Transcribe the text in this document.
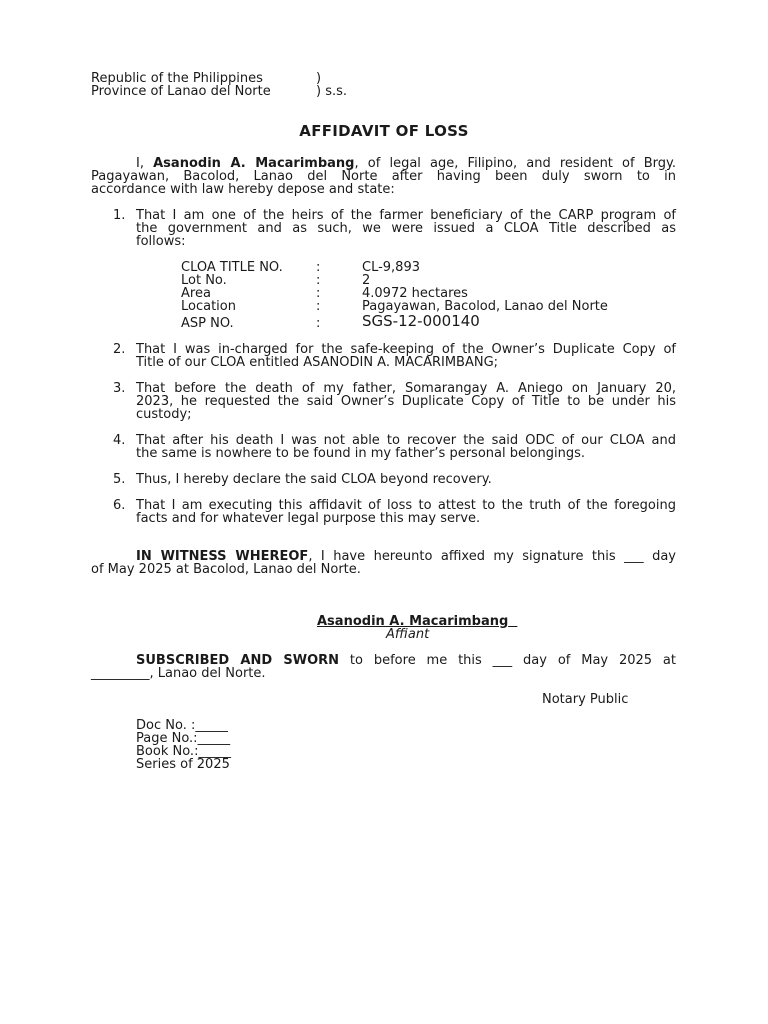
Republic of the Philippines	)
Province of Lanao del Norte	) s.s.
AFFIDAVIT OF LOSS
I, Asanodin A. Macarimbang, of legal age, Filipino, and resident of Brgy.
Pagayawan, Bacolod, Lanao del Norte after having been duly sworn to in
accordance with law hereby depose and state:
1. That I am one of the heirs of the farmer beneficiary of the CARP program of
the government and as such, we were issued a CLOA Title described as
follows:
CLOA TITLE NO.	:	CL-9,893
Lot No.	:	2
Area	:	4.0972 hectares
Location	:	Pagayawan, Bacolod, Lanao del Norte
ASP NO.	:	SGS-12-000140
2. That I was in-charged for the safe-keeping of the Owner’s Duplicate Copy of
Title of our CLOA entitled ASANODIN A. MACARIMBANG;
3. That before the death of my father, Somarangay A. Aniego on January 20,
2023, he requested the said Owner’s Duplicate Copy of Title to be under his
custody;
4. That after his death I was not able to recover the said ODC of our CLOA and
the same is nowhere to be found in my father’s personal belongings.
5. Thus, I hereby declare the said CLOA beyond recovery.
6. That I am executing this affidavit of loss to attest to the truth of the foregoing
facts and for whatever legal purpose this may serve.
IN WITNESS WHEREOF, I have hereunto affixed my signature this ___ day
of May 2025 at Bacolod, Lanao del Norte.
Asanodin A. Macarimbang
Affiant
SUBSCRIBED AND SWORN to before me this ___ day of May 2025 at
_________, Lanao del Norte.
Notary Public
Doc No. :_____
Page No.:_____
Book No.:_____
Series of 2025
